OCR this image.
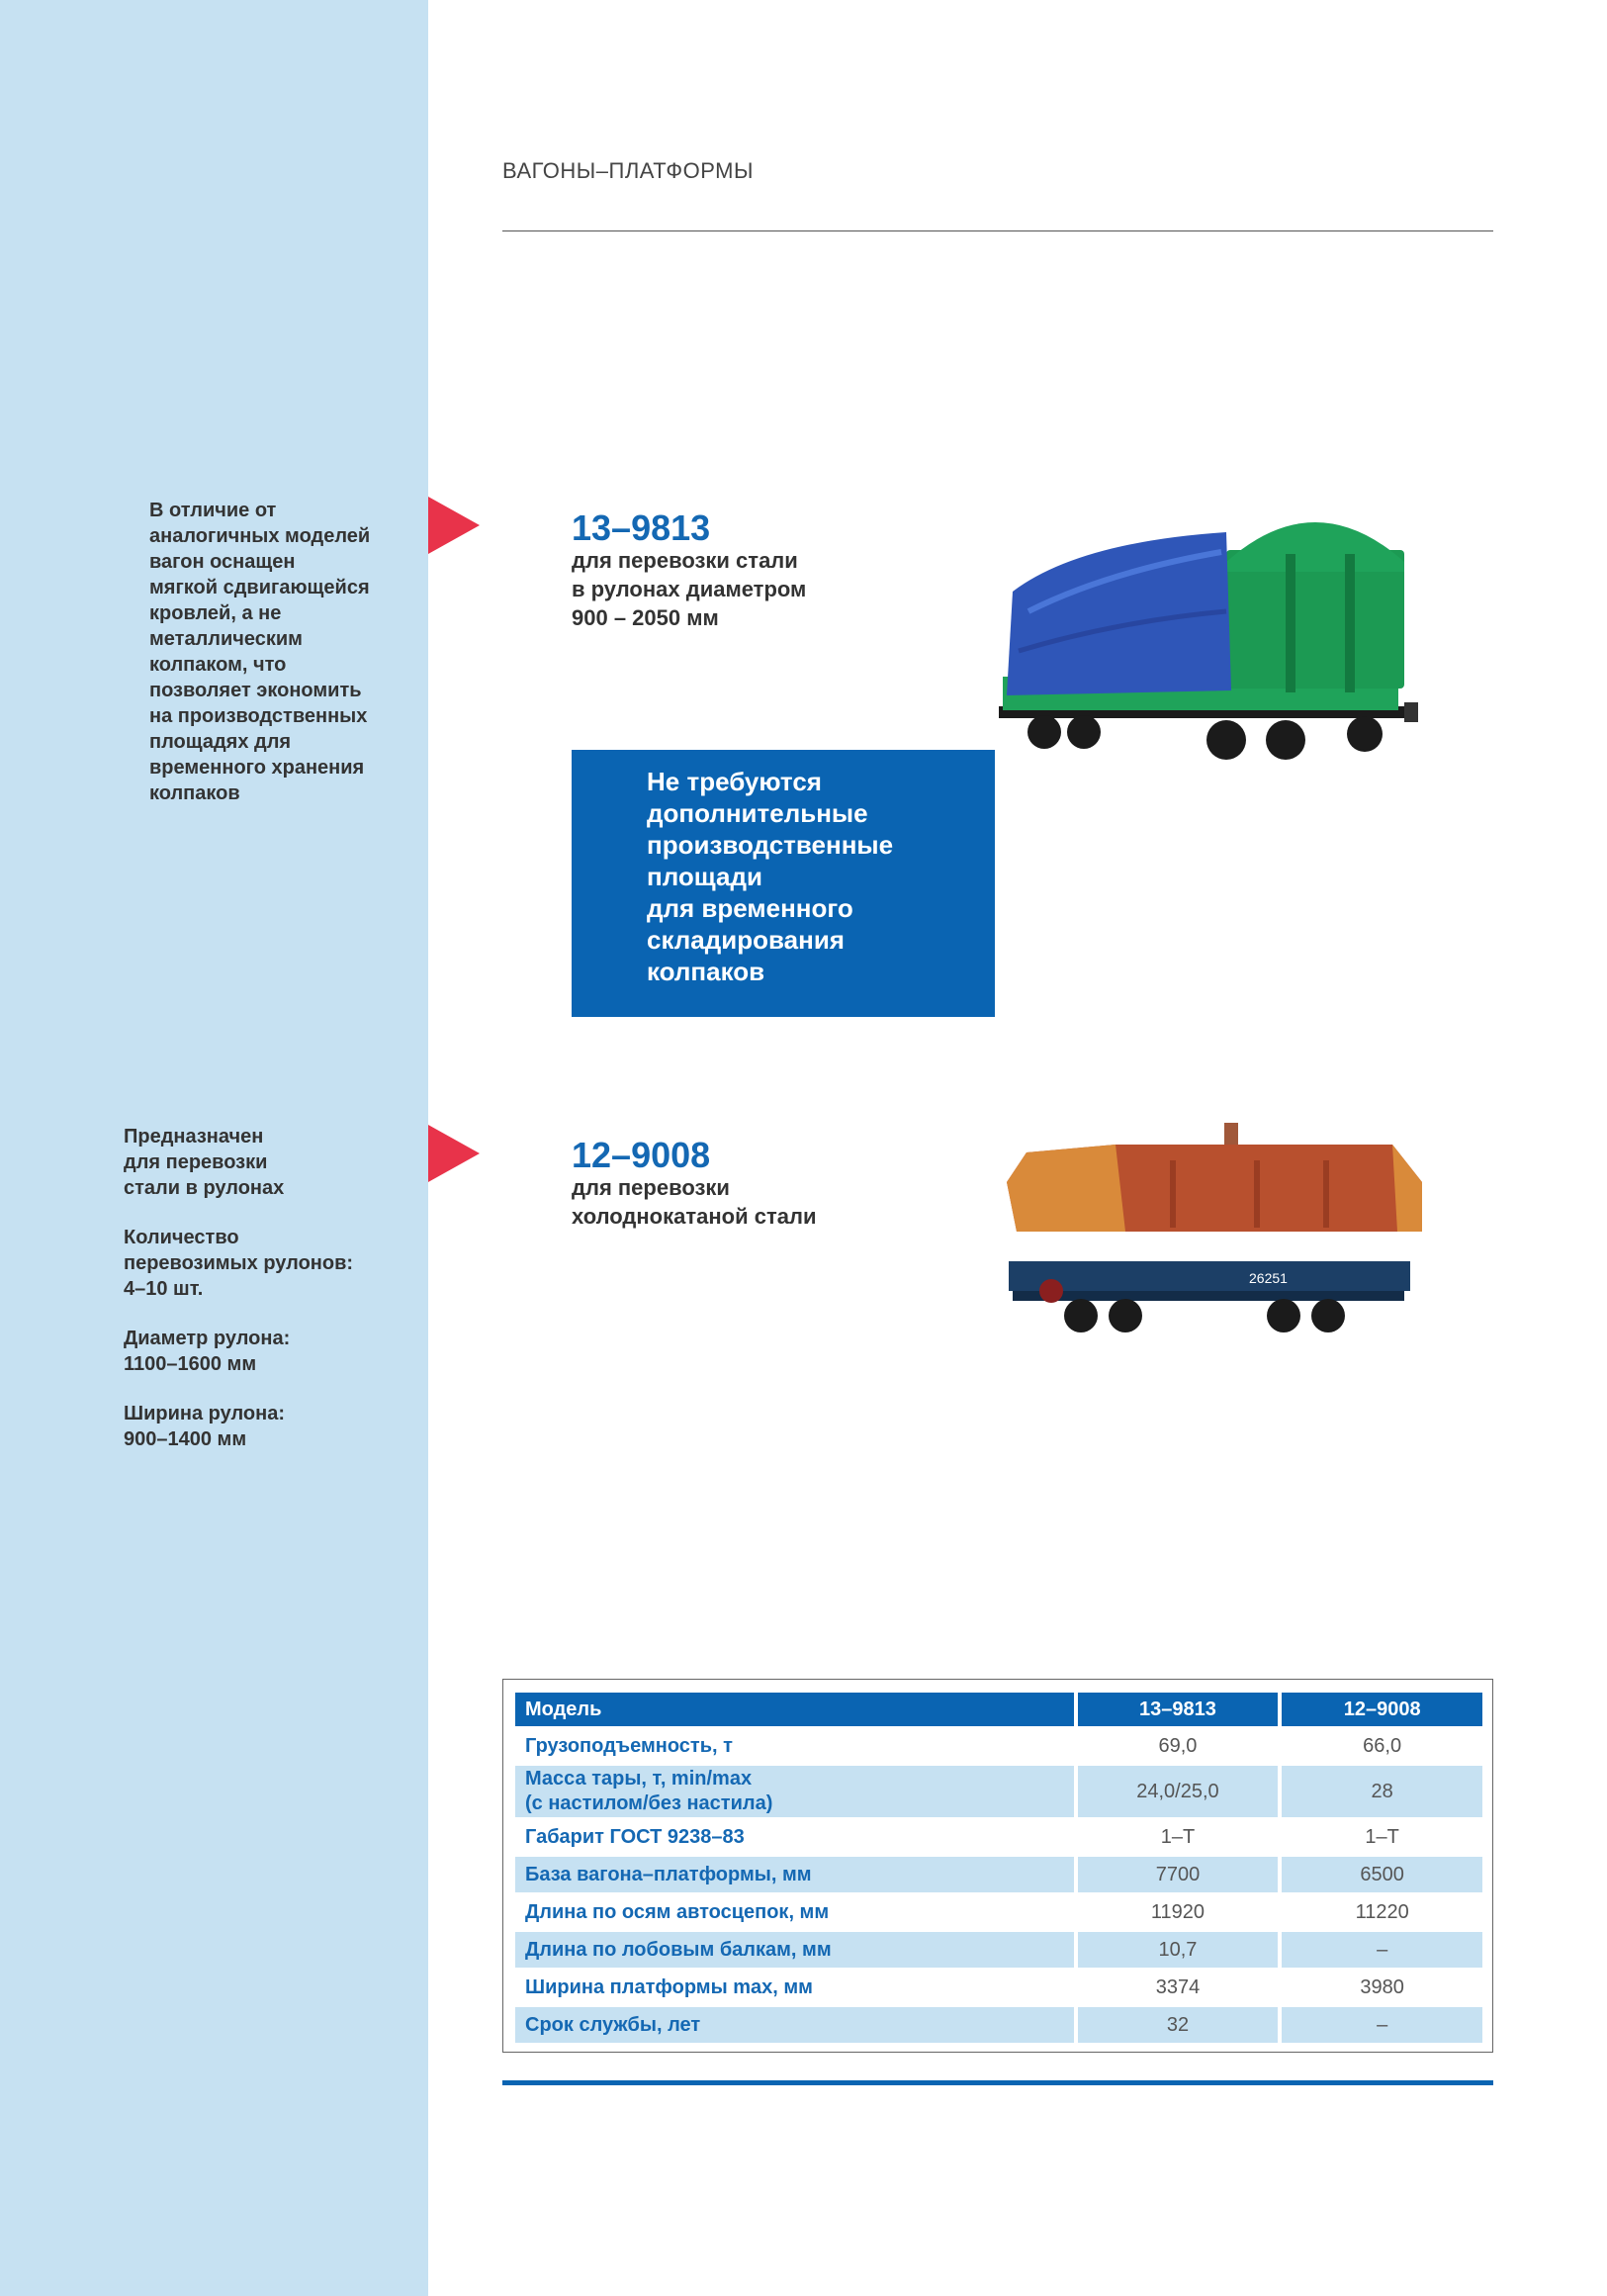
ВАГОНЫ–ПЛАТФОРМЫ

В отличие от
аналогичных моделей
вагон оснащен
мягкой сдвигающейся
кровлей, а не
металлическим
колпаком, что
позволяет экономить
на производственных
площадях для
временного хранения
колпаков

13–9813
для перевозки стали
в рулонах диаметром
900 – 2050 мм
Не требуются
дополнительные
производственные
площади
для временного
складирования
колпаков

Предназначен
для перевозки
стали в рулонах

Количество
перевозимых рулонов:
4–10 шт.

Диаметр рулона:
1100–1600 мм

Ширина рулона:
900–1400 мм

12–9008
для перевозки
холоднокатаной стали
26251
Модель	13–9813	12–9008
Грузоподъемность, т	69,0	66,0
Масса тары, т, min/max
(с настилом/без настила)	24,0/25,0	28
Габарит ГОСТ 9238–83	1–Т	1–Т
База вагона–платформы, мм	7700	6500
Длина по осям автосцепок, мм	11920	11220
Длина по лобовым балкам, мм	10,7	–
Ширина платформы max, мм	3374	3980
Срок службы, лет	32	–
